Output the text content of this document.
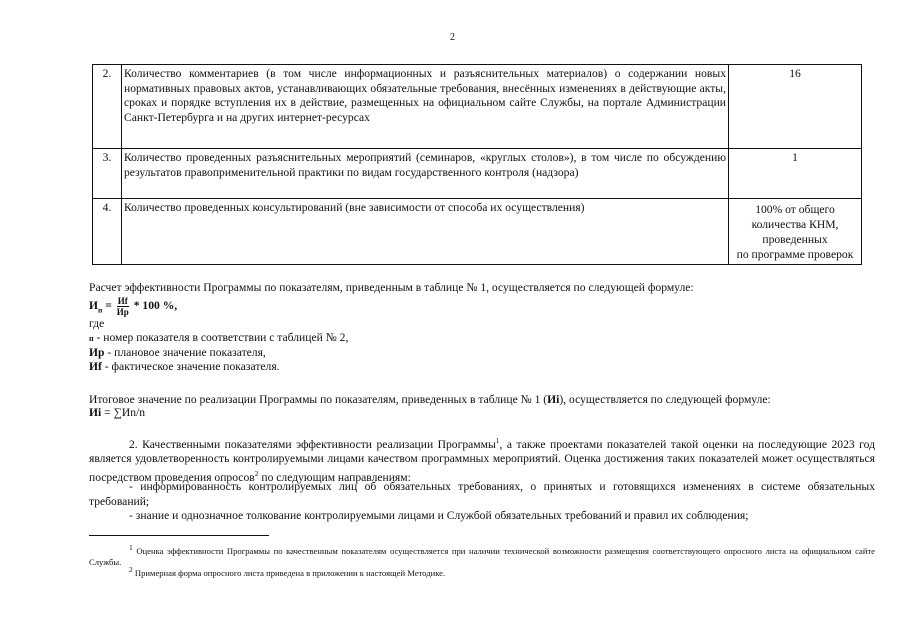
2
2.	Количество комментариев (в том числе информационных и разъяснительных материалов) о содержании новых нормативных правовых актов, устанавливающих обязательные требования, внесённых изменениях в действующие акты, сроках и порядке вступления их в действие, размещенных на официальном сайте Службы, на портале Администрации Санкт-Петербурга и на других интернет-ресурсах	16
3.	Количество проведенных разъяснительных мероприятий (семинаров, «круглых столов»), в том числе по обсуждению результатов правоприменительной практики по видам государственного контроля (надзора)	1
4.	Количество проведенных консультирований (вне зависимости от способа их осуществления)	100% от общего
количества КНМ,
проведенных
по программе проверок
Расчет эффективности Программы по показателям, приведенным в таблице № 1, осуществляется по следующей формуле:
$И_п = \frac{Иf}{Ир} * 100$ %,
где
п - номер показателя в соответствии с таблицей № 2,
Ир - плановое значение показателя,
Иf - фактическое значение показателя.
Итоговое значение по реализации Программы по показателям, приведенных в таблице № 1 (Иi), осуществляется по следующей формуле:
Иi = ∑Иn/n
2. Качественными показателями эффективности реализации Программы$^1$, а также проектами показателей такой оценки на последующие 2023 год является удовлетворенность контролируемыми лицами качеством программных мероприятий. Оценка достижения таких показателей может осуществляться посредством проведения опросов$^2$ по следующим направлениям:
- информированность контролируемых лиц об обязательных требованиях, о принятых и готовящихся изменениях в системе обязательных требований;
- знание и однозначное толкование контролируемыми лицами и Службой обязательных требований и правил их соблюдения;
$^1$ Оценка эффективности Программы по качественным показателям осуществляется при наличии технической возможности размещения соответствующего опросного листа на официальном сайте Службы.
$^2$ Примерная форма опросного листа приведена в приложении к настоящей Методике.
